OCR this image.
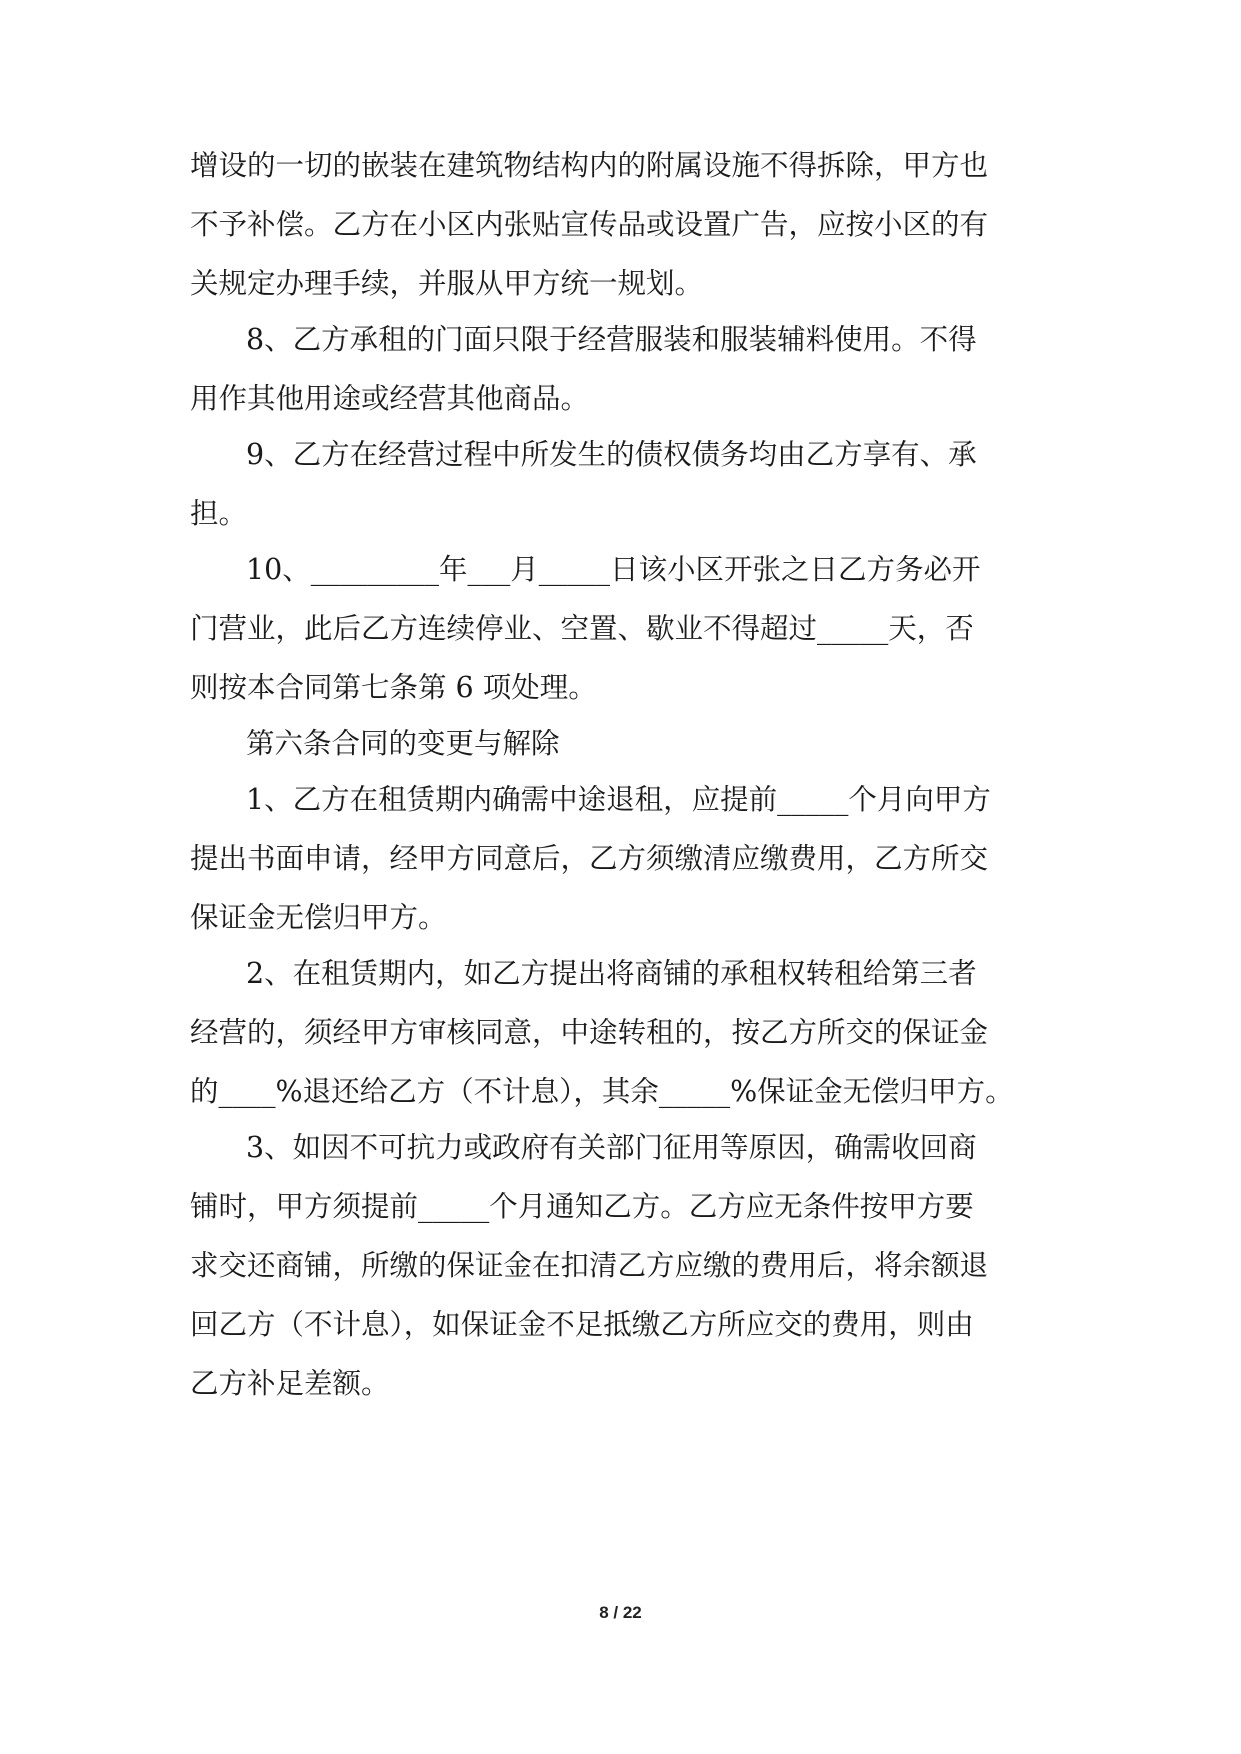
增设的一切的嵌装在建筑物结构内的附属设施不得拆除，甲方也
不予补偿。乙方在小区内张贴宣传品或设置广告，应按小区的有
关规定办理手续，并服从甲方统一规划。
8、乙方承租的门面只限于经营服装和服装辅料使用。不得
用作其他用途或经营其他商品。
9、乙方在经营过程中所发生的债权债务均由乙方享有、承
担。
10、_________年___月_____日该小区开张之日乙方务必开
门营业，此后乙方连续停业、空置、歇业不得超过_____天，否
则按本合同第七条第 6 项处理。
第六条合同的变更与解除
1、乙方在租赁期内确需中途退租，应提前_____个月向甲方
提出书面申请，经甲方同意后，乙方须缴清应缴费用，乙方所交
保证金无偿归甲方。
2、在租赁期内，如乙方提出将商铺的承租权转租给第三者
经营的，须经甲方审核同意，中途转租的，按乙方所交的保证金
的____%退还给乙方（不计息），其余_____%保证金无偿归甲方。
3、如因不可抗力或政府有关部门征用等原因，确需收回商
铺时，甲方须提前_____个月通知乙方。乙方应无条件按甲方要
求交还商铺，所缴的保证金在扣清乙方应缴的费用后，将余额退
回乙方（不计息），如保证金不足抵缴乙方所应交的费用，则由
乙方补足差额。
8 / 22
